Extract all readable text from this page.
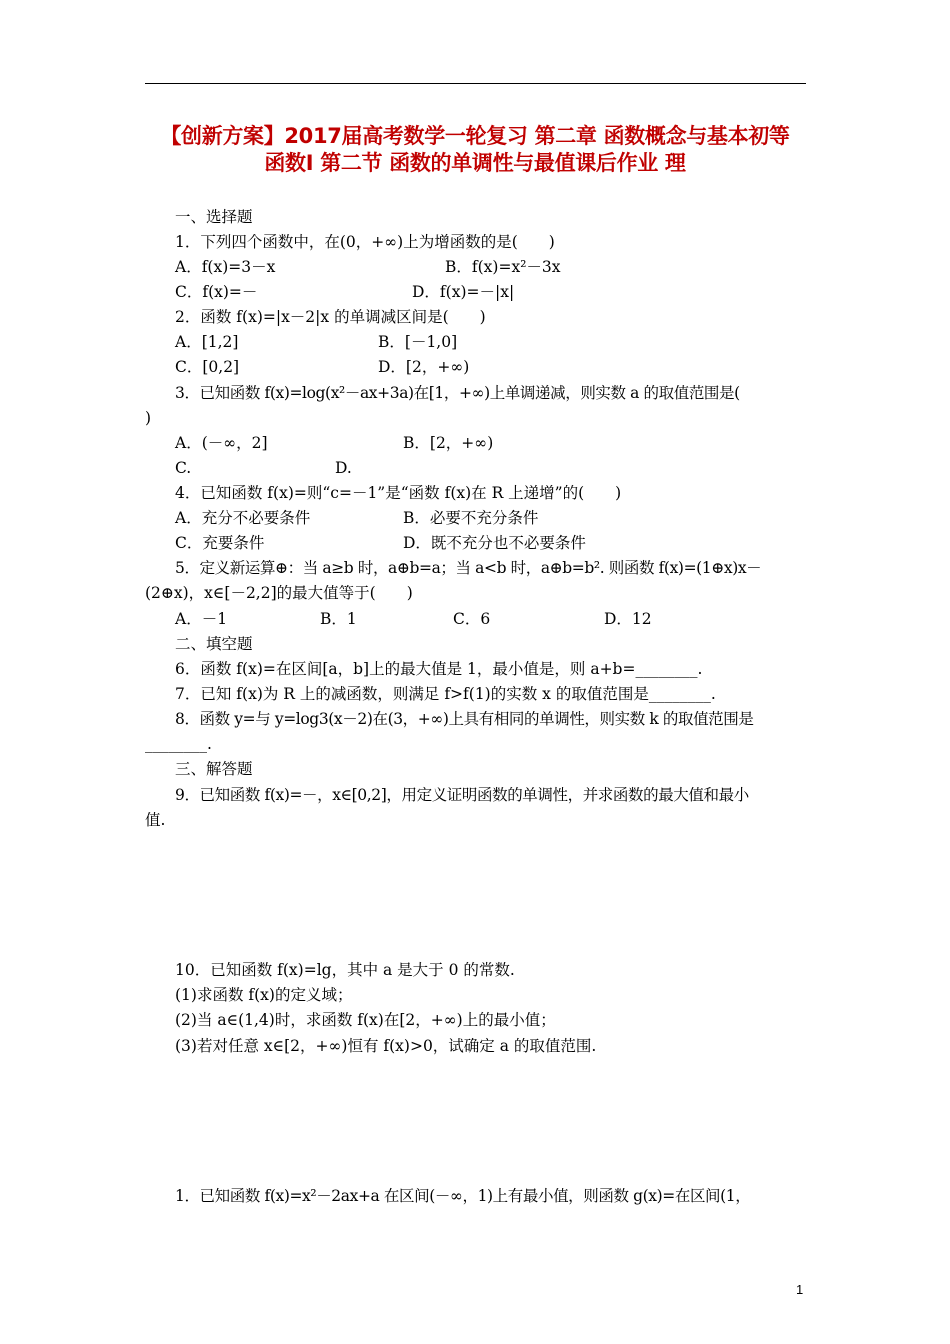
【创新方案】2017届高考数学一轮复习 第二章 函数概念与基本初等
函数Ⅰ 第二节 函数的单调性与最值课后作业 理
一、选择题
1．下列四个函数中，在(0，+∞)上为增函数的是(　　)
A．f(x)=3－x	B．f(x)=x²－3x
C．f(x)=－	D．f(x)=－|x|
2．函数 f(x)=|x－2|x 的单调减区间是(　　)
A．[1,2]	B．[－1,0]
C．[0,2]	D．[2，+∞)
3．已知函数 f(x)=log(x²－ax+3a)在[1，+∞)上单调递减，则实数 a 的取值范围是(
)
A．(－∞，2]	B．[2，+∞)
C.	D.
4．已知函数 f(x)=则“c=－1”是“函数 f(x)在 R 上递增”的(　　)
A．充分不必要条件	B．必要不充分条件
C．充要条件	D．既不充分也不必要条件
5．定义新运算⊕：当 a≥b 时，a⊕b=a；当 a<b 时，a⊕b=b². 则函数 f(x)=(1⊕x)x－
(2⊕x)，x∈[－2,2]的最大值等于(　　)
A．－1	B．1	C．6	D．12
二、填空题
6．函数 f(x)=在区间[a，b]上的最大值是 1，最小值是，则 a+b=________.
7．已知 f(x)为 R 上的减函数，则满足 f>f(1)的实数 x 的取值范围是________.
8．函数 y=与 y=log3(x－2)在(3，+∞)上具有相同的单调性，则实数 k 的取值范围是
________.
三、解答题
9．已知函数 f(x)=－，x∈[0,2]，用定义证明函数的单调性，并求函数的最大值和最小
值.
10．已知函数 f(x)=lg，其中 a 是大于 0 的常数.
(1)求函数 f(x)的定义域；
(2)当 a∈(1,4)时，求函数 f(x)在[2，+∞)上的最小值；
(3)若对任意 x∈[2，+∞)恒有 f(x)>0，试确定 a 的取值范围.
1．已知函数 f(x)=x²－2ax+a 在区间(－∞，1)上有最小值，则函数 g(x)=在区间(1，
1
